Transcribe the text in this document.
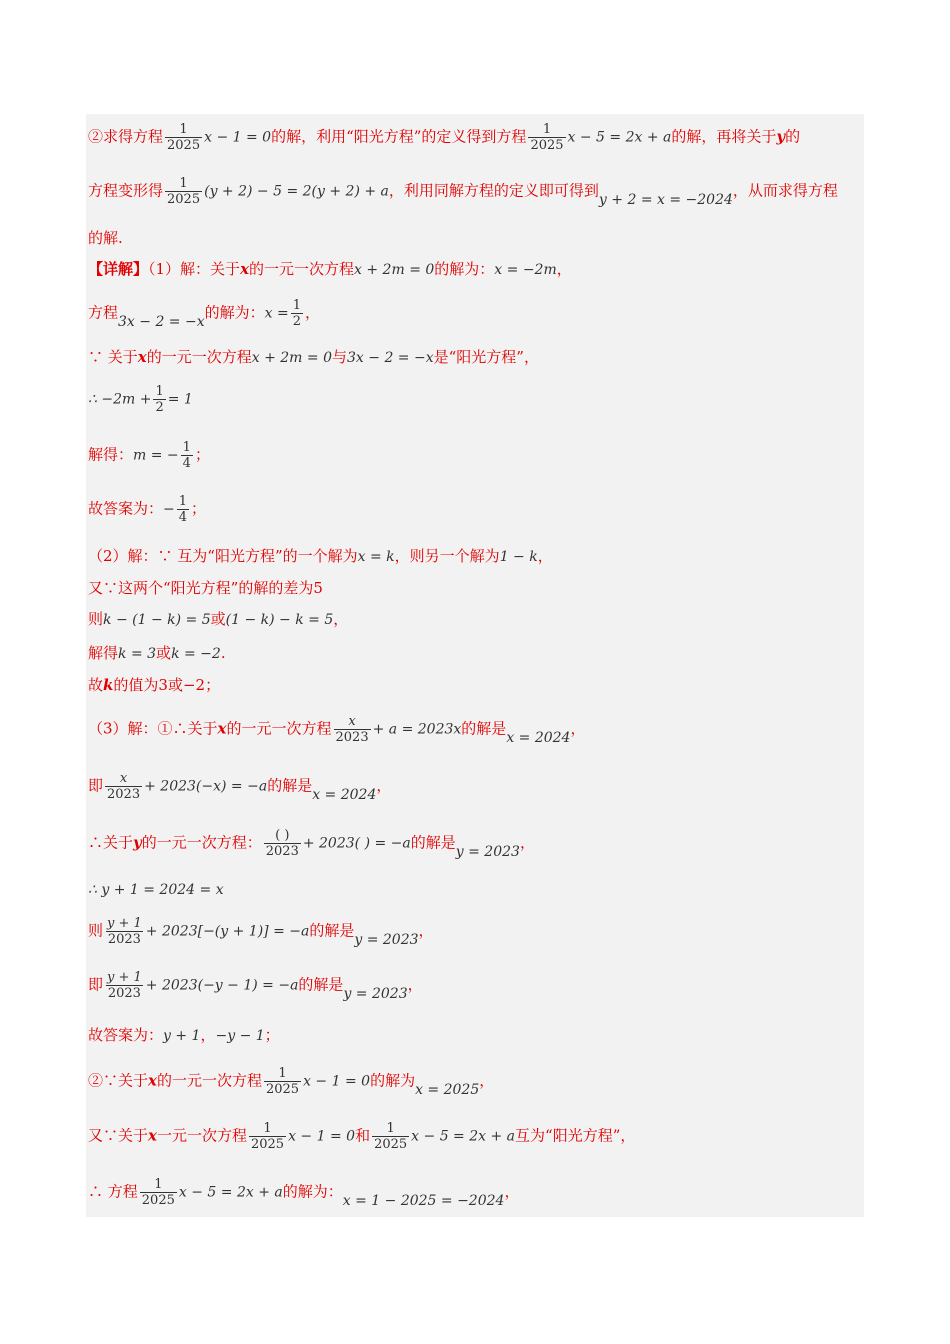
②求得方程 $\frac{1}{2025}$ x − 1 = 0的解，利用“阳光方程”的定义得到方程 $\frac{1}{2025}$ x − 5 = 2x + a的解，再将关于y的
方程变形得 $\frac{1}{2025} (y + 2) - 5 = 2(y + 2) + a$，利用同解方程的定义即可得到y + 2 = x = −2024，从而求得方程
的解.
【详解】（1）解：关于x的一元一次方程x + 2m = 0的解为：x = −2m，
方程3x − 2 = −x的解为：$x = \frac{1}{2}$ ，
∵ 关于x的一元一次方程x + 2m = 0与3x − 2 = −x是“阳光方程”，
∴ $-2m + \frac{1}{2} = 1$
解得：m = − $\frac{1}{4}$ ；
故答案为：− $\frac{1}{4}$ ；
（2）解：∵ 互为“阳光方程”的一个解为x = k，则另一个解为1 − k，
又∵这两个“阳光方程”的解的差为5
则k − (1 − k) = 5或(1 − k) − k = 5，
解得k = 3或k = −2.
故k的值为3或−2；
（3）解：①∴关于x的一元一次方程 $\frac{x}{2023} + a = 2023x$的解是x = 2024，
即 $\frac{x}{2023} + 2023(-x) = -a$的解是x = 2024，
∴关于y的一元一次方程： $\frac{( )}{2023} + 2023$( ) = −a的解是y = 2023，
∴ y + 1 = 2024 = x
则 $\frac{y + 1}{2023} + 2023[-(y + 1)] = -a$的解是y = 2023，
即 $\frac{y + 1}{2023} + 2023(-y - 1) = -a$的解是y = 2023，
故答案为：y + 1，−y − 1；
②∵关于x的一元一次方程 $\frac{1}{2025}$ x − 1 = 0的解为x = 2025，
又∵关于x一元一次方程 $\frac{1}{2025}$ x − 1 = 0和 $\frac{1}{2025}$ x − 5 = 2x + a互为“阳光方程”，
∴ 方程 $\frac{1}{2025}$ x − 5 = 2x + a的解为：x = 1 − 2025 = −2024，
